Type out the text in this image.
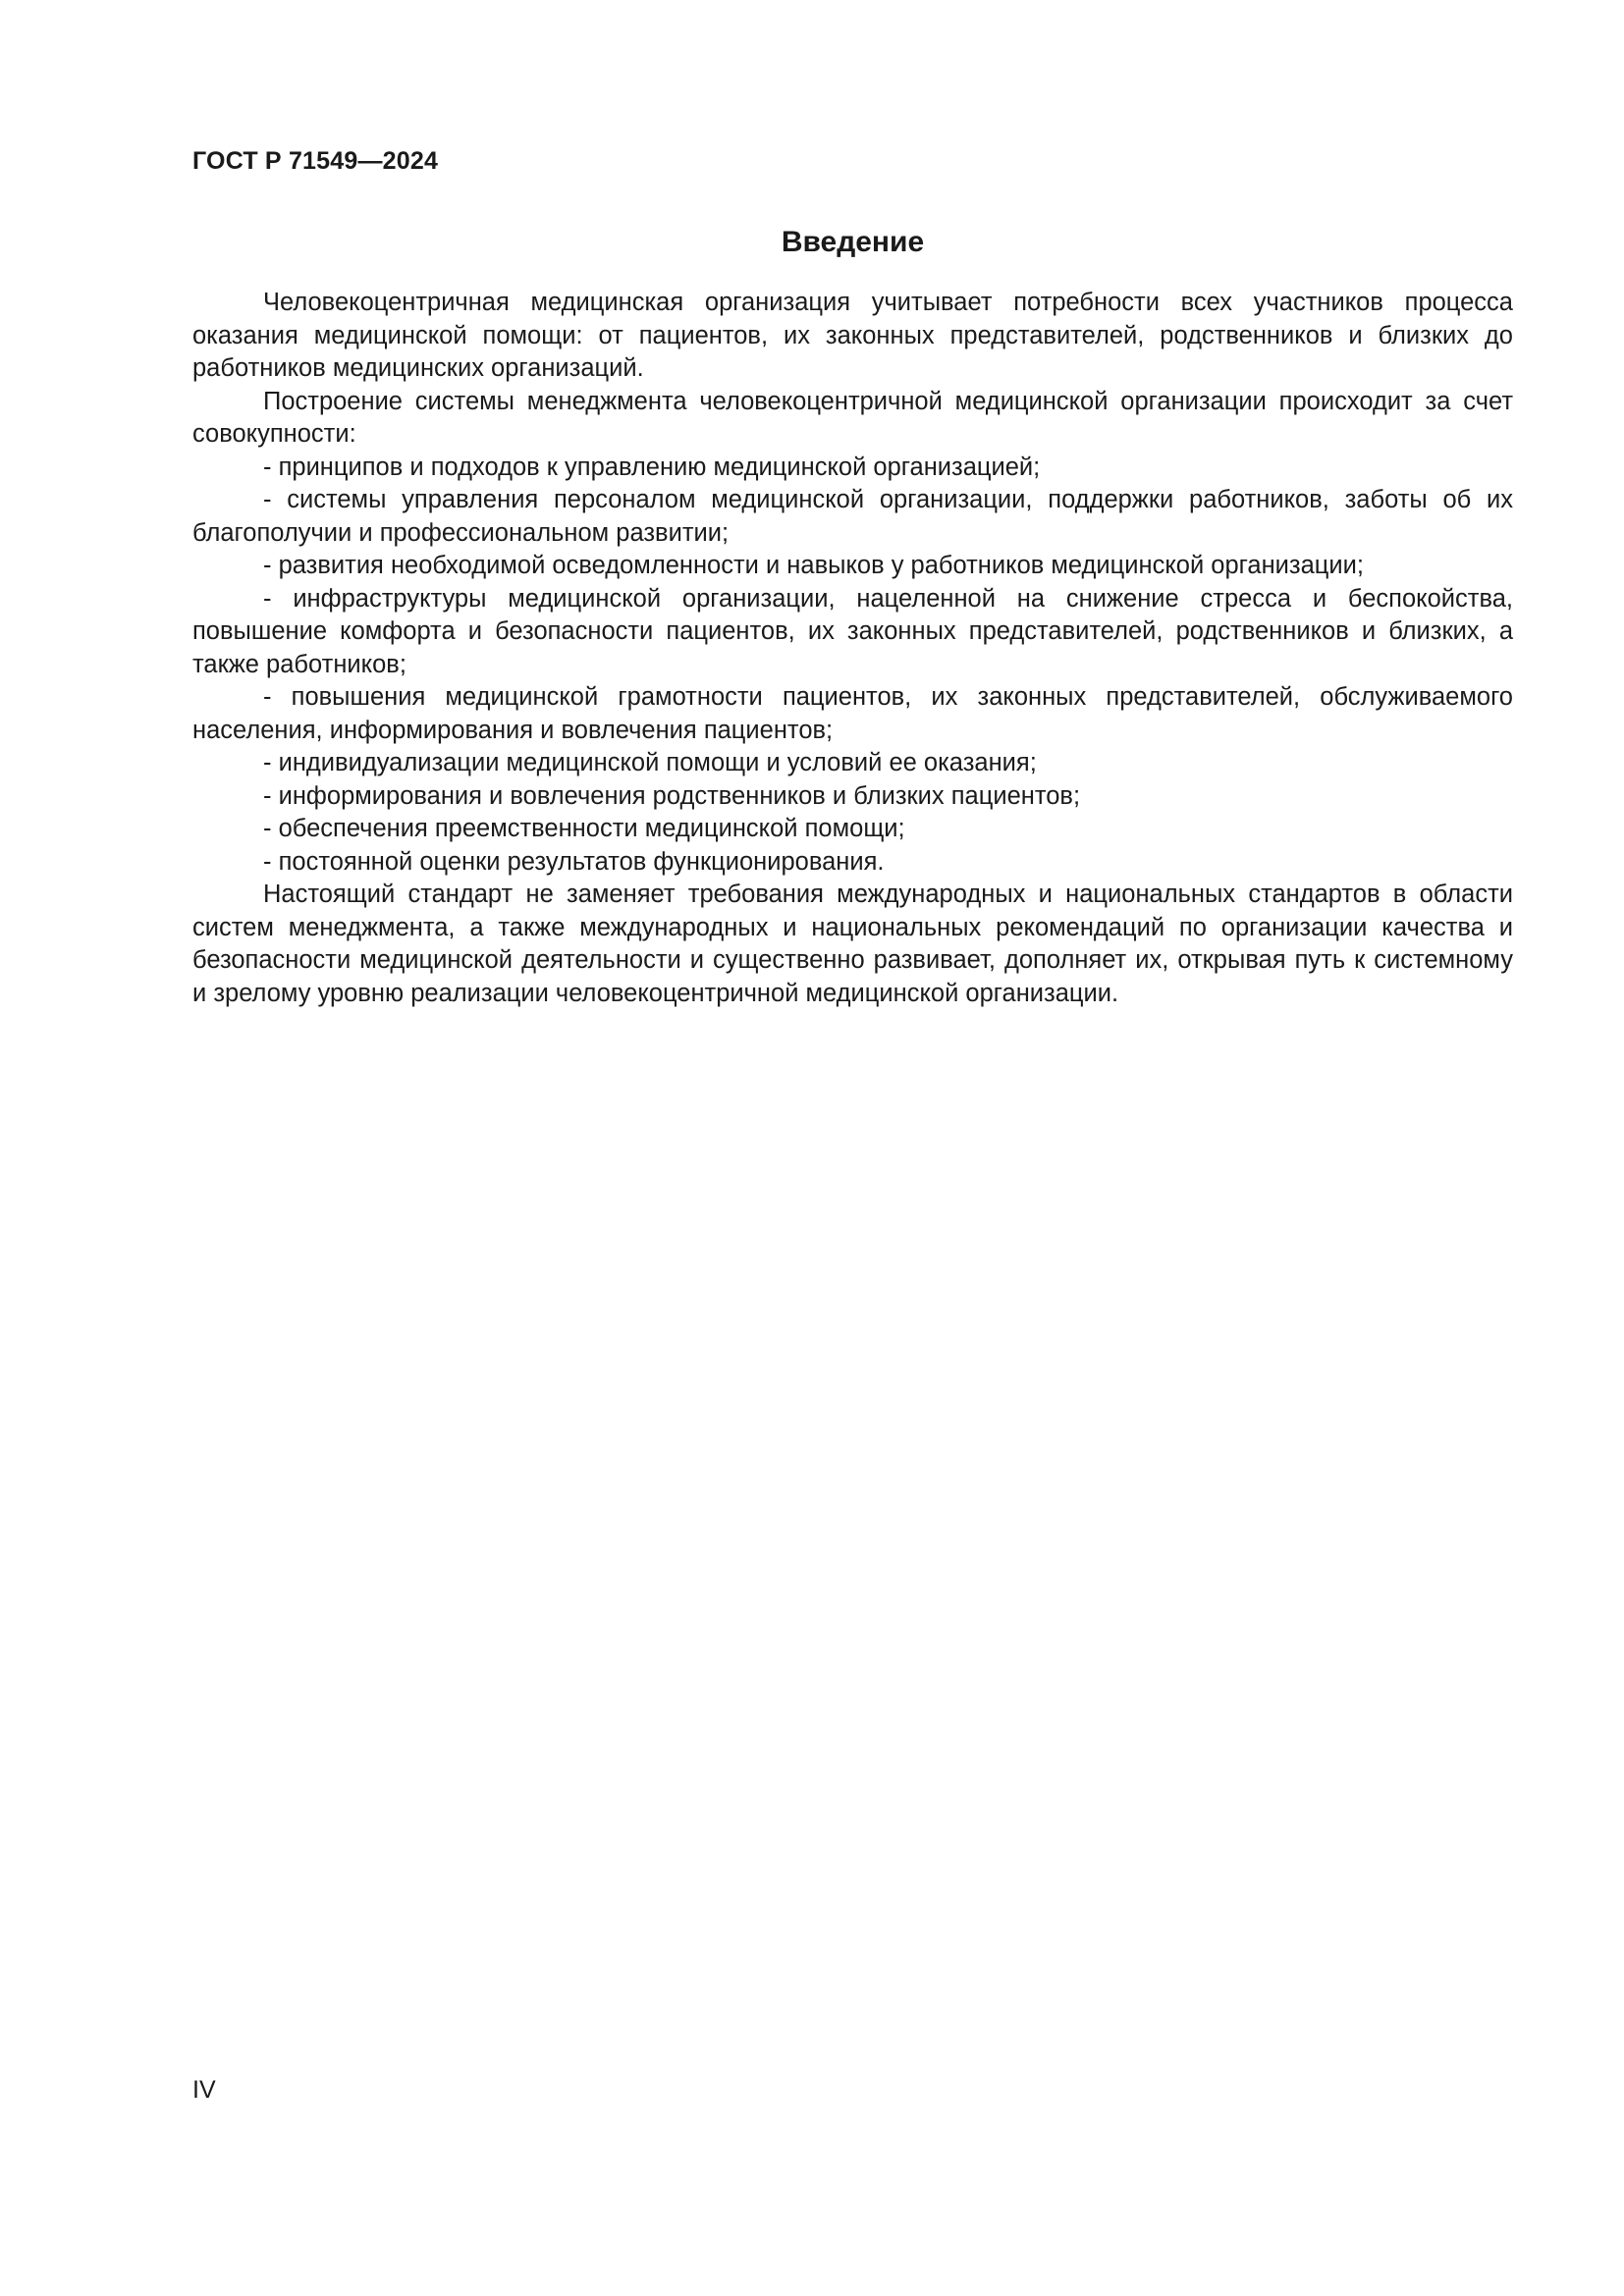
ГОСТ Р 71549—2024
Введение

Человекоцентричная медицинская организация учитывает потребности всех участников процесса оказания медицинской помощи: от пациентов, их законных представителей, родственников и близких до работников медицинских организаций.

Построение системы менеджмента человекоцентричной медицинской организации происходит за счет совокупности:

- принципов и подходов к управлению медицинской организацией;

- системы управления персоналом медицинской организации, поддержки работников, заботы об их благополучии и профессиональном развитии;

- развития необходимой осведомленности и навыков у работников медицинской организации;

- инфраструктуры медицинской организации, нацеленной на снижение стресса и беспокойства, повышение комфорта и безопасности пациентов, их законных представителей, родственников и близких, а также работников;

- повышения медицинской грамотности пациентов, их законных представителей, обслуживаемого населения, информирования и вовлечения пациентов;

- индивидуализации медицинской помощи и условий ее оказания;

- информирования и вовлечения родственников и близких пациентов;

- обеспечения преемственности медицинской помощи;

- постоянной оценки результатов функционирования.

Настоящий стандарт не заменяет требования международных и национальных стандартов в области систем менеджмента, а также международных и национальных рекомендаций по организации качества и безопасности медицинской деятельности и существенно развивает, дополняет их, открывая путь к системному и зрелому уровню реализации человекоцентричной медицинской организации.

IV
